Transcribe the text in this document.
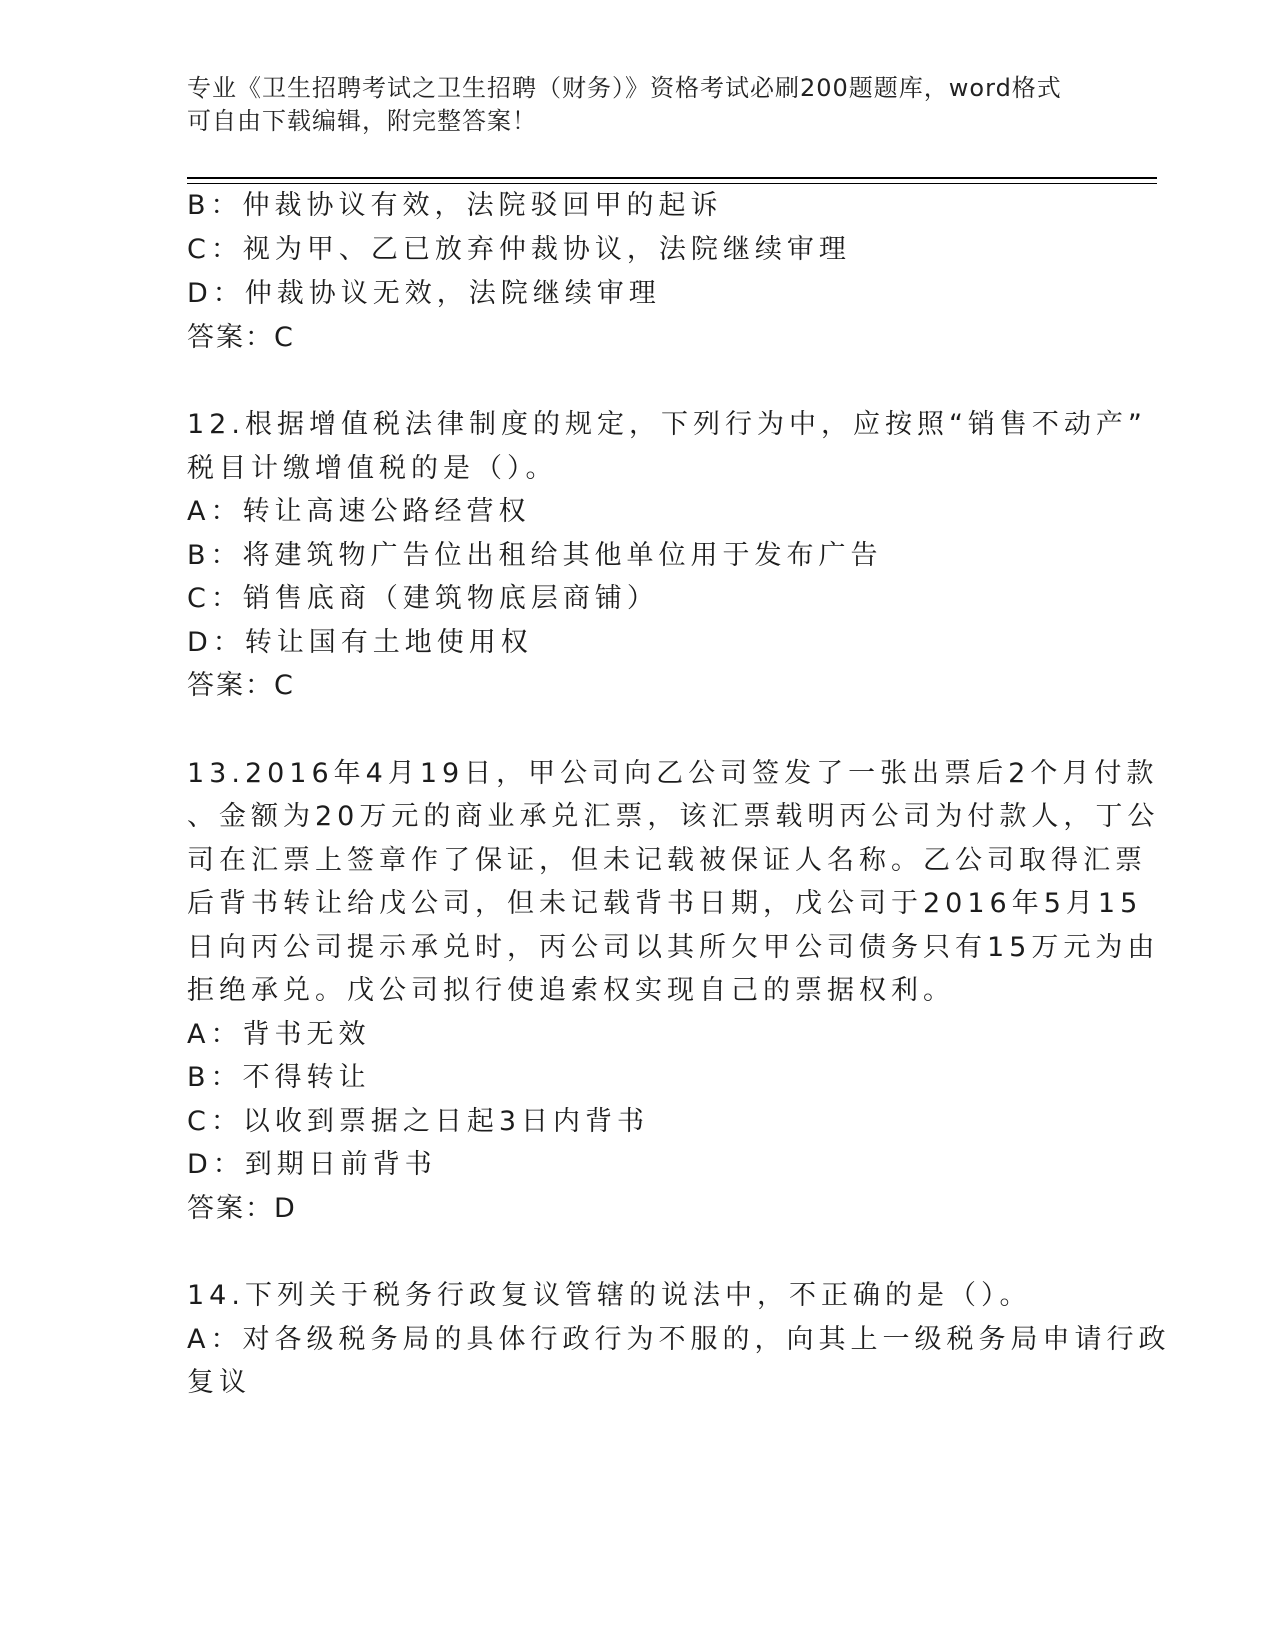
专业《卫生招聘考试之卫生招聘（财务）》资格考试必刷200题题库，word格式
可自由下载编辑，附完整答案！
B：仲裁协议有效，法院驳回甲的起诉
C：视为甲、乙已放弃仲裁协议，法院继续审理
D：仲裁协议无效，法院继续审理
答案：C
12.根据增值税法律制度的规定，下列行为中，应按照“销售不动产”
税目计缴增值税的是（）。
A：转让高速公路经营权
B：将建筑物广告位出租给其他单位用于发布广告
C：销售底商（建筑物底层商铺）
D：转让国有土地使用权
答案：C
13.2016年4月19日，甲公司向乙公司签发了一张出票后2个月付款
、金额为20万元的商业承兑汇票，该汇票载明丙公司为付款人，丁公
司在汇票上签章作了保证，但未记载被保证人名称。乙公司取得汇票
后背书转让给戊公司，但未记载背书日期，戊公司于2016年5月15
日向丙公司提示承兑时，丙公司以其所欠甲公司债务只有15万元为由
拒绝承兑。戊公司拟行使追索权实现自己的票据权利。
A：背书无效
B：不得转让
C：以收到票据之日起3日内背书
D：到期日前背书
答案：D
14.下列关于税务行政复议管辖的说法中，不正确的是（）。
A：对各级税务局的具体行政行为不服的，向其上一级税务局申请行政
复议
